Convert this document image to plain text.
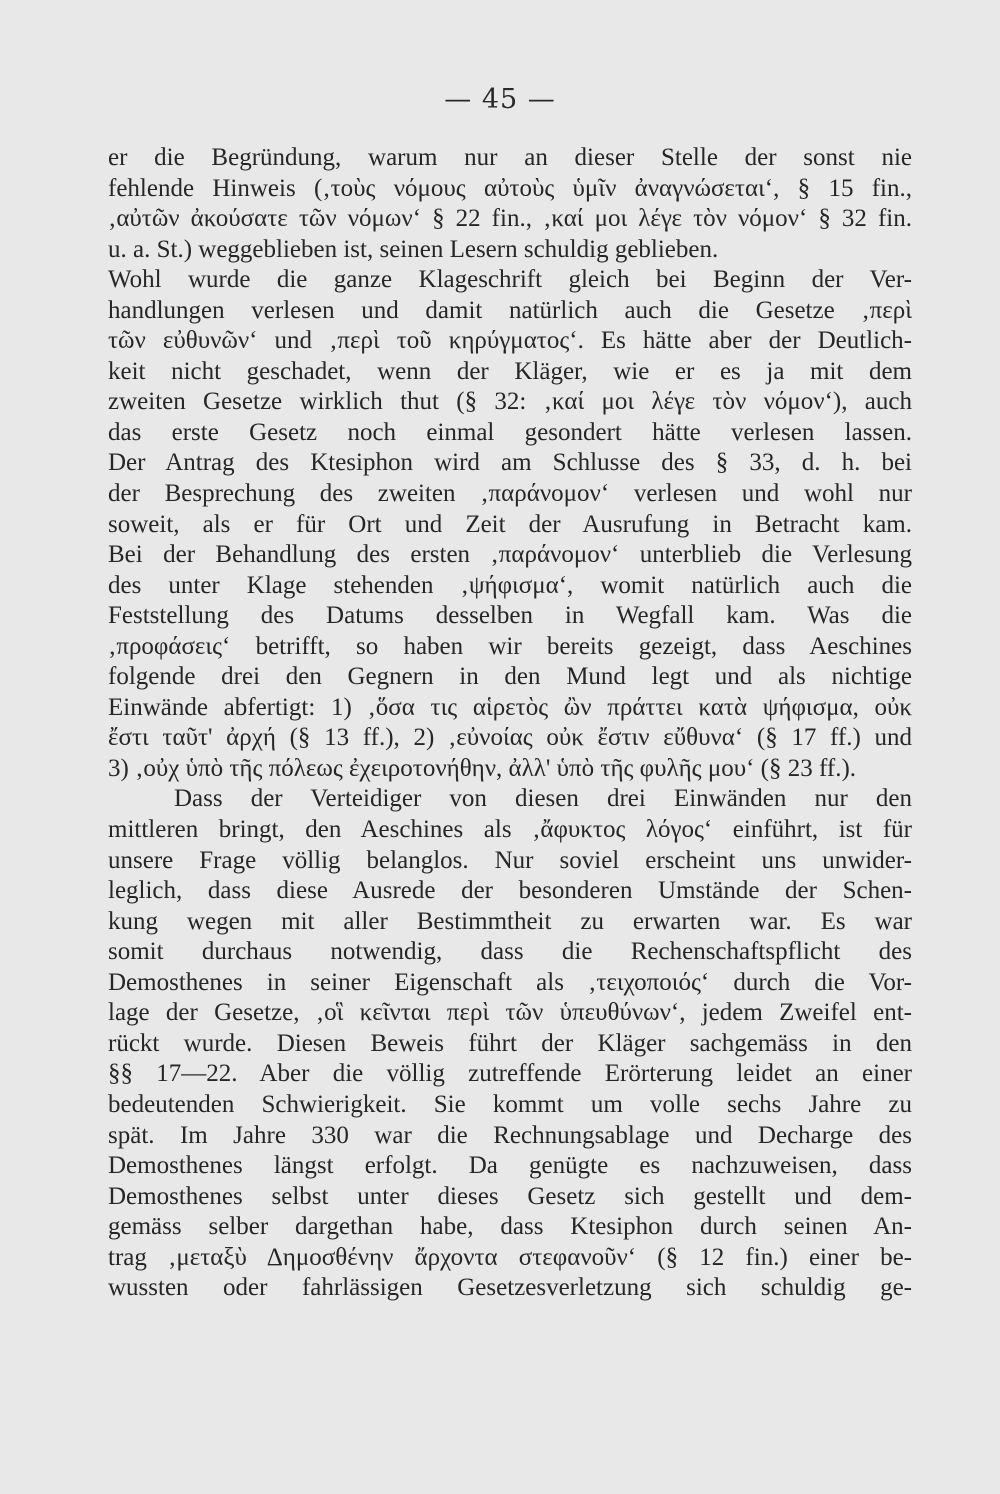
— 45 —
er die Begründung, warum nur an dieser Stelle der sonst nie
fehlende Hinweis (‚τοὺς νόμους αὐτοὺς ὑμῖν ἀναγνώσεται‘, § 15 fin.,
‚αὐτῶν ἀκούσατε τῶν νόμων‘ § 22 fin., ‚καί μοι λέγε τὸν νόμον‘ § 32 fin.
u. a. St.) weggeblieben ist, seinen Lesern schuldig geblieben.
Wohl wurde die ganze Klageschrift gleich bei Beginn der Ver-
handlungen verlesen und damit natürlich auch die Gesetze ‚περὶ
τῶν εὐθυνῶν‘ und ‚περὶ τοῦ κηρύγματος‘. Es hätte aber der Deutlich-
keit nicht geschadet, wenn der Kläger, wie er es ja mit dem
zweiten Gesetze wirklich thut (§ 32: ‚καί μοι λέγε τὸν νόμον‘), auch
das erste Gesetz noch einmal gesondert hätte verlesen lassen.
Der Antrag des Ktesiphon wird am Schlusse des § 33, d. h. bei
der Besprechung des zweiten ‚παράνομον‘ verlesen und wohl nur
soweit, als er für Ort und Zeit der Ausrufung in Betracht kam.
Bei der Behandlung des ersten ‚παράνομον‘ unterblieb die Verlesung
des unter Klage stehenden ‚ψήφισμα‘, womit natürlich auch die
Feststellung des Datums desselben in Wegfall kam. Was die
‚προφάσεις‘ betrifft, so haben wir bereits gezeigt, dass Aeschines
folgende drei den Gegnern in den Mund legt und als nichtige
Einwände abfertigt: 1) ‚ὅσα τις αἱρετὸς ὢν πράττει κατὰ ψήφισμα, οὐκ
ἔστι ταῦτ' ἀρχή (§ 13 ff.), 2) ‚εὐνοίας οὐκ ἔστιν εὔθυνα‘ (§ 17 ff.) und
3) ‚οὐχ ὑπὸ τῆς πόλεως ἐχειροτονήθην, ἀλλ' ὑπὸ τῆς φυλῆς μου‘ (§ 23 ff.).
Dass der Verteidiger von diesen drei Einwänden nur den
mittleren bringt, den Aeschines als ‚ἄφυκτος λόγος‘ einführt, ist für
unsere Frage völlig belanglos. Nur soviel erscheint uns unwider-
leglich, dass diese Ausrede der besonderen Umstände der Schen-
kung wegen mit aller Bestimmtheit zu erwarten war. Es war
somit durchaus notwendig, dass die Rechenschaftspflicht des
Demosthenes in seiner Eigenschaft als ‚τειχοποιός‘ durch die Vor-
lage der Gesetze, ‚οἳ κεῖνται περὶ τῶν ὑπευθύνων‘, jedem Zweifel ent-
rückt wurde. Diesen Beweis führt der Kläger sachgemäss in den
§§ 17—22. Aber die völlig zutreffende Erörterung leidet an einer
bedeutenden Schwierigkeit. Sie kommt um volle sechs Jahre zu
spät. Im Jahre 330 war die Rechnungsablage und Decharge des
Demosthenes längst erfolgt. Da genügte es nachzuweisen, dass
Demosthenes selbst unter dieses Gesetz sich gestellt und dem-
gemäss selber dargethan habe, dass Ktesiphon durch seinen An-
trag ‚μεταξὺ Δημοσθένην ἄρχοντα στεφανοῦν‘ (§ 12 fin.) einer be-
wussten oder fahrlässigen Gesetzesverletzung sich schuldig ge-
